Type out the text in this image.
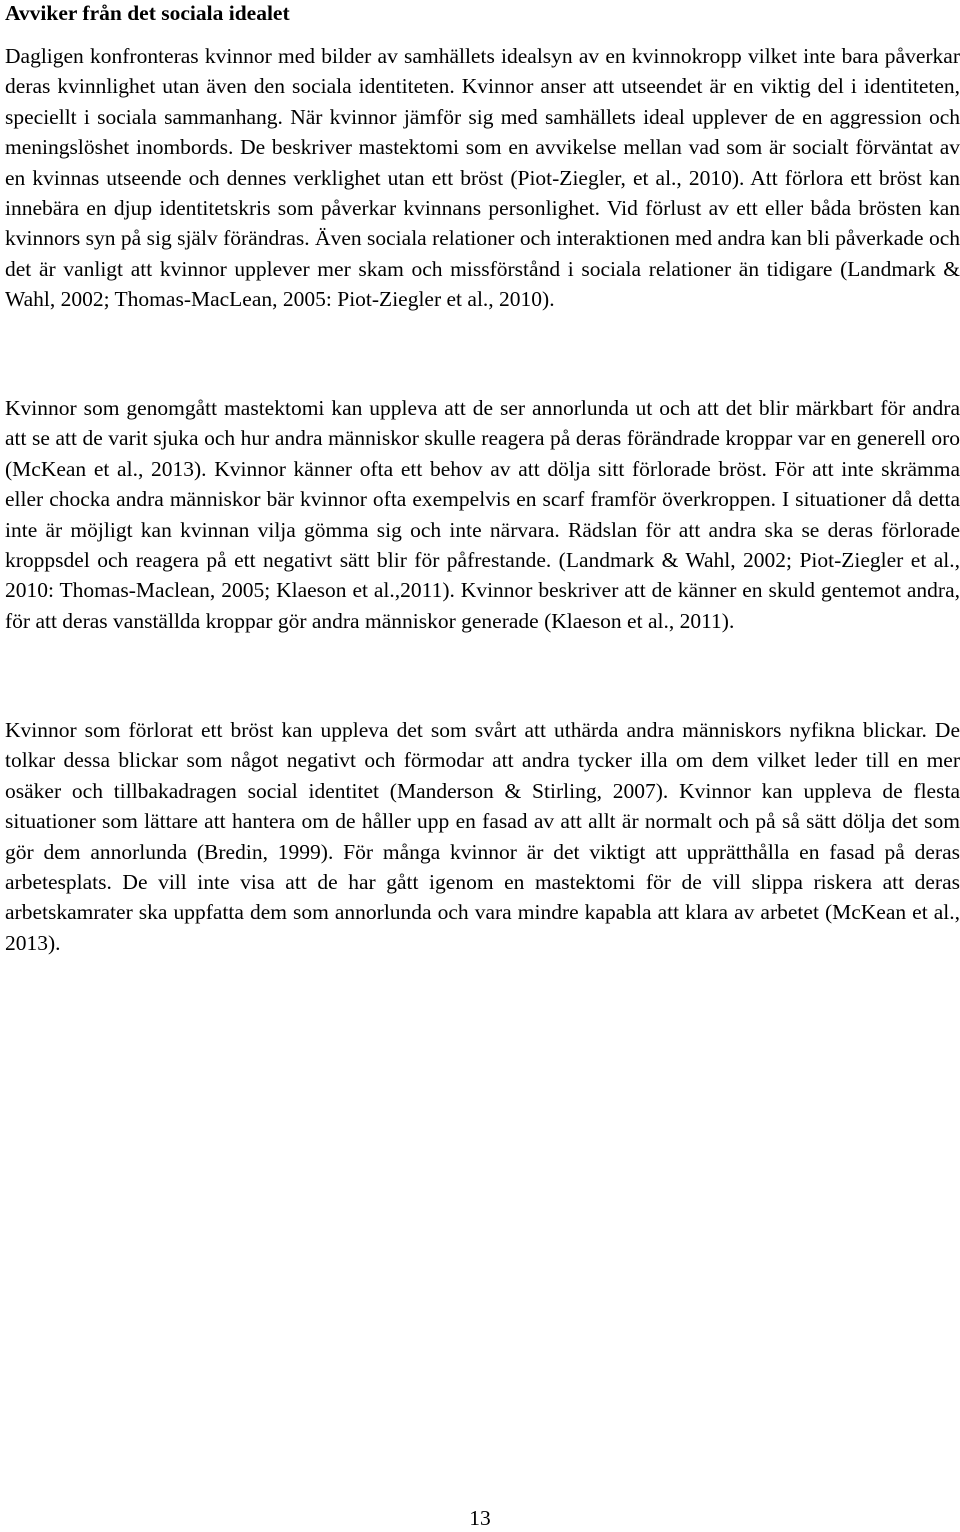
Avviker från det sociala idealet

Dagligen konfronteras kvinnor med bilder av samhällets idealsyn av en kvinnokropp vilket inte bara påverkar deras kvinnlighet utan även den sociala identiteten. Kvinnor anser att utseendet är en viktig del i identiteten, speciellt i sociala sammanhang. När kvinnor jämför sig med samhällets ideal upplever de en aggression och meningslöshet inombords. De beskriver mastektomi som en avvikelse mellan vad som är socialt förväntat av en kvinnas utseende och dennes verklighet utan ett bröst (Piot-Ziegler, et al., 2010). Att förlora ett bröst kan innebära en djup identitetskris som påverkar kvinnans personlighet. Vid förlust av ett eller båda brösten kan kvinnors syn på sig själv förändras. Även sociala relationer och interaktionen med andra kan bli påverkade och det är vanligt att kvinnor upplever mer skam och missförstånd i sociala relationer än tidigare (Landmark & Wahl, 2002; Thomas-MacLean, 2005: Piot-Ziegler et al., 2010).

Kvinnor som genomgått mastektomi kan uppleva att de ser annorlunda ut och att det blir märkbart för andra att se att de varit sjuka och hur andra människor skulle reagera på deras förändrade kroppar var en generell oro (McKean et al., 2013). Kvinnor känner ofta ett behov av att dölja sitt förlorade bröst. För att inte skrämma eller chocka andra människor bär kvinnor ofta exempelvis en scarf framför överkroppen. I situationer då detta inte är möjligt kan kvinnan vilja gömma sig och inte närvara. Rädslan för att andra ska se deras förlorade kroppsdel och reagera på ett negativt sätt blir för påfrestande. (Landmark & Wahl, 2002; Piot-Ziegler et al., 2010: Thomas-Maclean, 2005; Klaeson et al.,2011). Kvinnor beskriver att de känner en skuld gentemot andra, för att deras vanställda kroppar gör andra människor generade (Klaeson et al., 2011).

Kvinnor som förlorat ett bröst kan uppleva det som svårt att uthärda andra människors nyfikna blickar. De tolkar dessa blickar som något negativt och förmodar att andra tycker illa om dem vilket leder till en mer osäker och tillbakadragen social identitet (Manderson & Stirling, 2007). Kvinnor kan uppleva de flesta situationer som lättare att hantera om de håller upp en fasad av att allt är normalt och på så sätt dölja det som gör dem annorlunda (Bredin, 1999). För många kvinnor är det viktigt att upprätthålla en fasad på deras arbetesplats. De vill inte visa att de har gått igenom en mastektomi för de vill slippa riskera att deras arbetskamrater ska uppfatta dem som annorlunda och vara mindre kapabla att klara av arbetet (McKean et al., 2013).

13
